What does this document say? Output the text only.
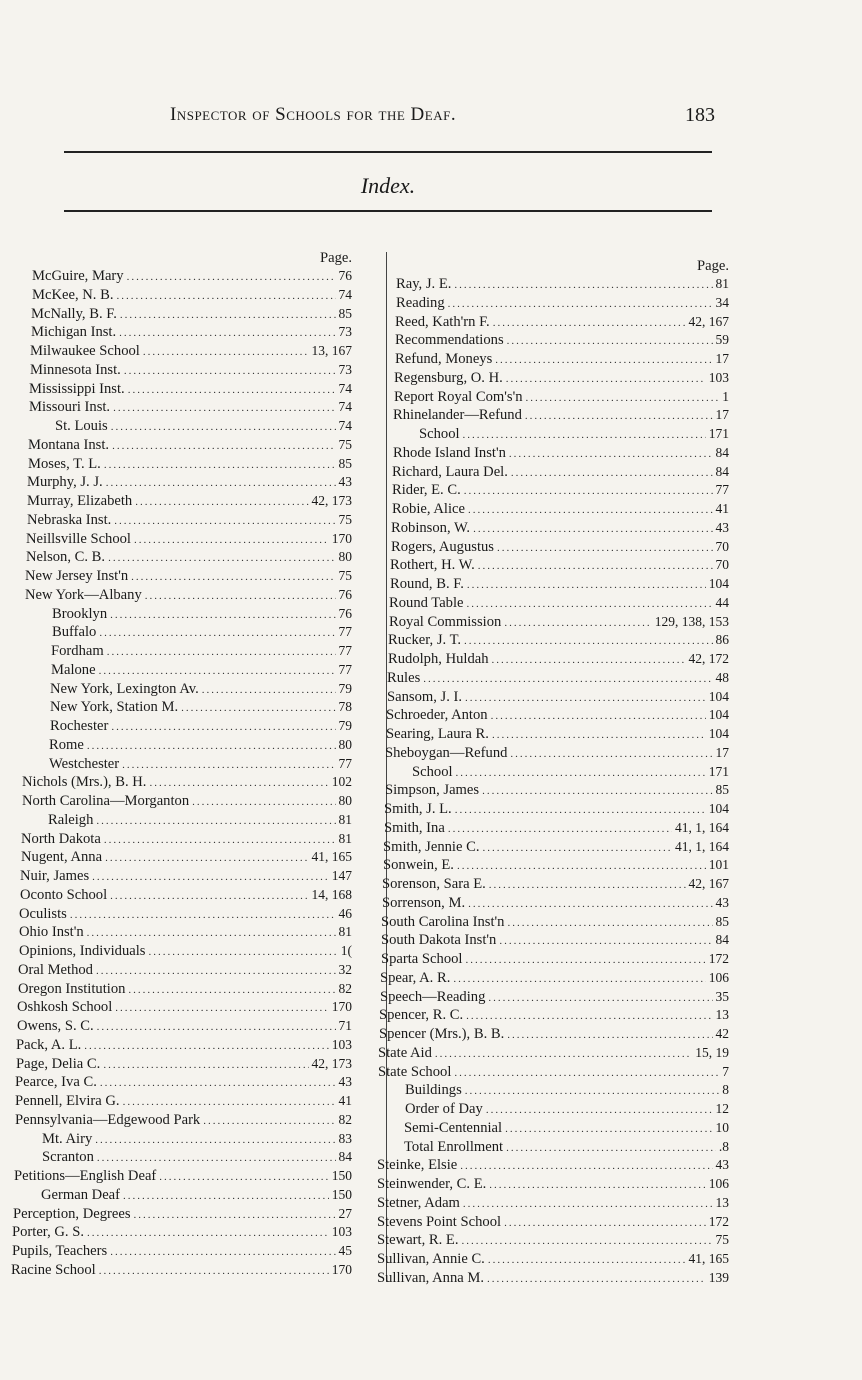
Inspector of Schools for the Deaf.	183
Index.
Page.
McGuire, Mary .....	76
McKee, N. B. .....	74
McNally, B. F. .....	85
Michigan Inst. .....	73
Milwaukee School .....	13, 167
Minnesota Inst. .....	73
Mississippi Inst. .....	74
Missouri Inst. .....	74
St. Louis .....	74
Montana Inst. .....	75
Moses, T. L. .....	85
Murphy, J. J. .....	43
Murray, Elizabeth .....	42, 173
Nebraska Inst. .....	75
Neillsville School .....	170
Nelson, C. B. .....	80
New Jersey Inst'n .....	75
New York—Albany .....	76
Brooklyn .....	76
Buffalo .....	77
Fordham .....	77
Malone .....	77
New York, Lexington Av. .....	79
New York, Station M. .....	78
Rochester .....	79
Rome .....	80
Westchester .....	77
Nichols (Mrs.), B. H. .....	102
North Carolina—Morganton .....	80
Raleigh .....	81
North Dakota .....	81
Nugent, Anna .....	41, 165
Nuir, James .....	147
Oconto School .....	14, 168
Oculists .....	46
Ohio Inst'n .....	81
Opinions, Individuals .....	1(
Oral Method .....	32
Oregon Institution .....	82
Oshkosh School .....	170
Owens, S. C. .....	71
Pack, A. L. .....	103
Page, Delia C. .....	42, 173
Pearce, Iva C. .....	43
Pennell, Elvira G. .....	41
Pennsylvania—Edgewood Park .....	82
Mt. Airy .....	83
Scranton .....	84
Petitions—English Deaf .....	150
German Deaf .....	150
Perception, Degrees .....	27
Porter, G. S. .....	103
Pupils, Teachers .....	45
Racine School .....	170
Page.
Ray, J. E. .....	81
Reading .....	34
Reed, Kath'rn F. .....	42, 167
Recommendations .....	59
Refund, Moneys .....	17
Regensburg, O. H. .....	103
Report Royal Com's'n .....	1
Rhinelander—Refund .....	17
School .....	171
Rhode Island Inst'n .....	84
Richard, Laura Del. .....	84
Rider, E. C. .....	77
Robie, Alice .....	41
Robinson, W. .....	43
Rogers, Augustus .....	70
Rothert, H. W. .....	70
Round, B. F. .....	104
Round Table .....	44
Royal Commission .....	129, 138, 153
Rucker, J. T. .....	86
Rudolph, Huldah .....	42, 172
Rules .....	48
Sansom, J. I. .....	104
Schroeder, Anton .....	104
Searing, Laura R. .....	104
Sheboygan—Refund .....	17
School .....	171
Simpson, James .....	85
Smith, J. L. .....	104
Smith, Ina .....	41, 1, 164
Smith, Jennie C. .....	41, 1, 164
Sonwein, E. .....	101
Sorenson, Sara E. .....	42, 167
Sorrenson, M. .....	43
South Carolina Inst'n .....	85
South Dakota Inst'n .....	84
Sparta School .....	172
Spear, A. R. .....	106
Speech—Reading .....	35
Spencer, R. C. .....	13
Spencer (Mrs.), B. B. .....	42
State Aid .....	15, 19
State School .....	7
Buildings .....	8
Order of Day .....	12
Semi-Centennial .....	10
Total Enrollment .....	.8
Steinke, Elsie .....	43
Steinwender, C. E. .....	106
Stetner, Adam .....	13
Stevens Point School .....	172
Stewart, R. E. .....	75
Sullivan, Annie C. .....	41, 165
Sullivan, Anna M. .....	139
